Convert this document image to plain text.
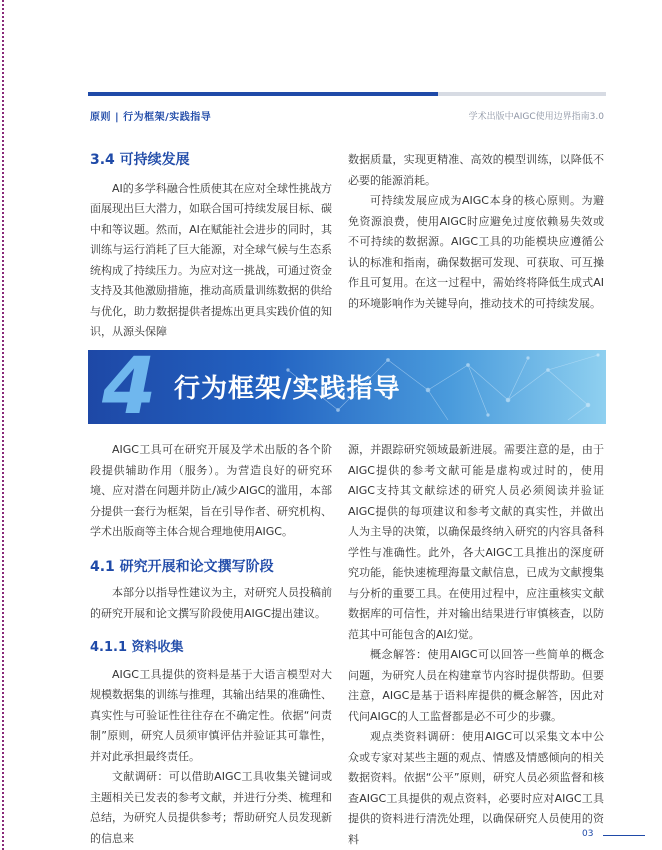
原则 | 行为框架/实践指导	学术出版中AIGC使用边界指南3.0
3.4 可持续发展

AI的多学科融合性质使其在应对全球性挑战方面展现出巨大潜力，如联合国可持续发展目标、碳中和等议题。然而，AI在赋能社会进步的同时，其训练与运行消耗了巨大能源，对全球气候与生态系统构成了持续压力。为应对这一挑战，可通过资金支持及其他激励措施，推动高质量训练数据的供给与优化，助力数据提供者提炼出更具实践价值的知识，从源头保障

数据质量，实现更精准、高效的模型训练，以降低不必要的能源消耗。

可持续发展应成为AIGC本身的核心原则。为避免资源浪费，使用AIGC时应避免过度依赖易失效或不可持续的数据源。AIGC工具的功能模块应遵循公认的标准和指南，确保数据可发现、可获取、可互操作且可复用。在这一过程中，需始终将降低生成式AI的环境影响作为关键导向，推动技术的可持续发展。

4 行为框架/实践指导

AIGC工具可在研究开展及学术出版的各个阶段提供辅助作用（服务）。为营造良好的研究环境、应对潜在问题并防止/减少AIGC的滥用，本部分提供一套行为框架，旨在引导作者、研究机构、学术出版商等主体合规合理地使用AIGC。

4.1 研究开展和论文撰写阶段

本部分以指导性建议为主，对研究人员投稿前的研究开展和论文撰写阶段使用AIGC提出建议。

4.1.1 资料收集

AIGC工具提供的资料是基于大语言模型对大规模数据集的训练与推理，其输出结果的准确性、真实性与可验证性往往存在不确定性。依据“问责制”原则，研究人员须审慎评估并验证其可靠性，并对此承担最终责任。

文献调研：可以借助AIGC工具收集关键词或主题相关已发表的参考文献，并进行分类、梳理和总结，为研究人员提供参考；帮助研究人员发现新的信息来

源，并跟踪研究领域最新进展。需要注意的是，由于AIGC提供的参考文献可能是虚构或过时的，使用AIGC支持其文献综述的研究人员必须阅读并验证AIGC提供的每项建议和参考文献的真实性，并做出人为主导的决策，以确保最终纳入研究的内容具备科学性与准确性。此外，各大AIGC工具推出的深度研究功能，能快速梳理海量文献信息，已成为文献搜集与分析的重要工具。在使用过程中，应注重核实文献数据库的可信性，并对输出结果进行审慎核查，以防范其中可能包含的AI幻觉。

概念解答：使用AIGC可以回答一些简单的概念问题，为研究人员在构建章节内容时提供帮助。但要注意，AIGC是基于语料库提供的概念解答，因此对代问AIGC的人工监督都是必不可少的步骤。

观点类资料调研：使用AIGC可以采集文本中公众或专家对某些主题的观点、情感及情感倾向的相关数据资料。依据“公平”原则，研究人员必须监督和核查AIGC工具提供的观点资料，必要时应对AIGC工具提供的资料进行清洗处理，以确保研究人员使用的资料	03
